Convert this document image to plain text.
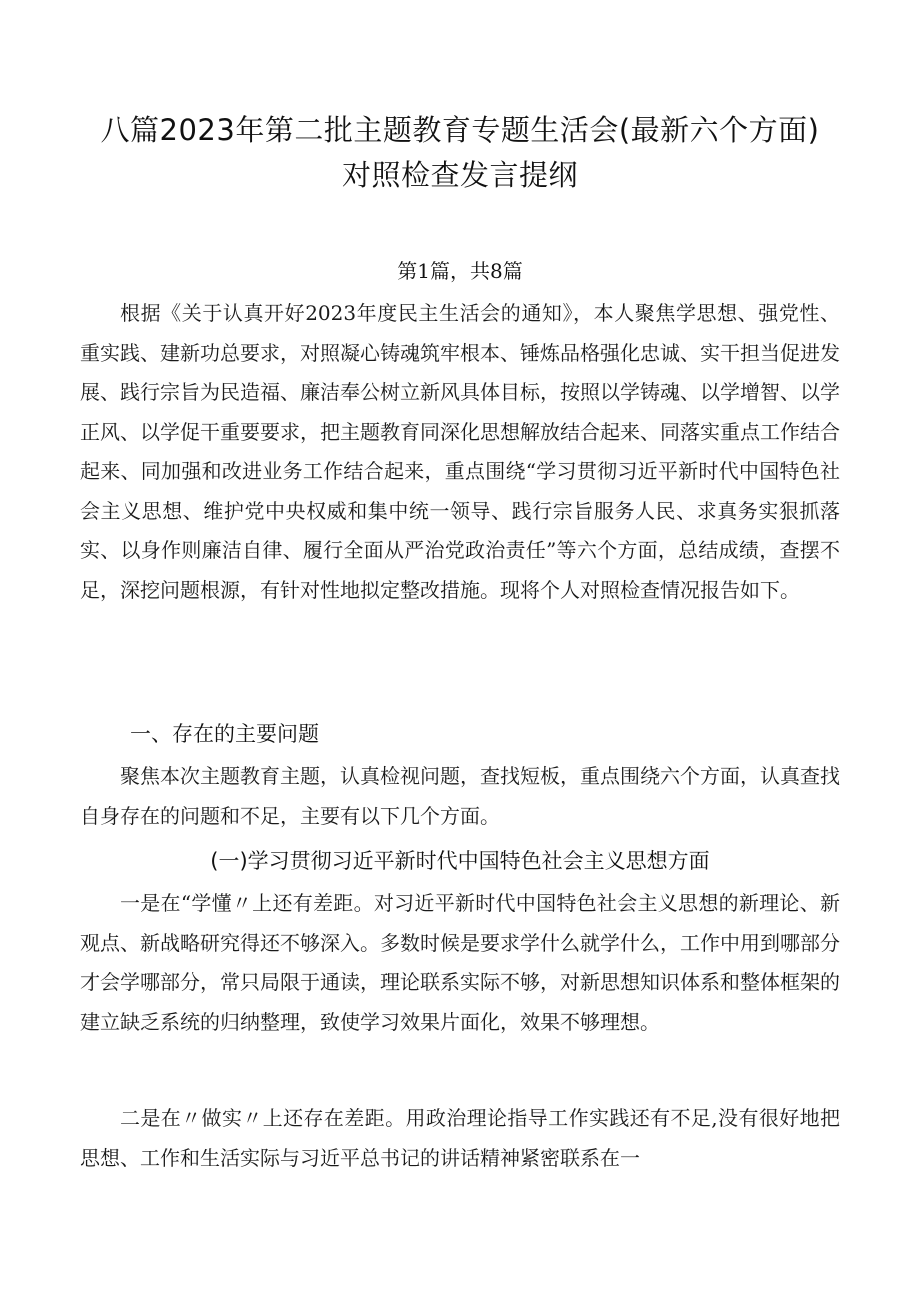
八篇2023年第二批主题教育专题生活会(最新六个方面)对照检查发言提纲
第1篇，共8篇

根据《关于认真开好2023年度民主生活会的通知》，本人聚焦学思想、强党性、重实践、建新功总要求，对照凝心铸魂筑牢根本、锤炼品格强化忠诚、实干担当促进发展、践行宗旨为民造福、廉洁奉公树立新风具体目标，按照以学铸魂、以学增智、以学正风、以学促干重要要求，把主题教育同深化思想解放结合起来、同落实重点工作结合起来、同加强和改进业务工作结合起来，重点围绕“学习贯彻习近平新时代中国特色社会主义思想、维护党中央权威和集中统一领导、践行宗旨服务人民、求真务实狠抓落实、以身作则廉洁自律、履行全面从严治党政治责任”等六个方面，总结成绩，查摆不足，深挖问题根源，有针对性地拟定整改措施。现将个人对照检查情况报告如下。

一、存在的主要问题

聚焦本次主题教育主题，认真检视问题，查找短板，重点围绕六个方面，认真查找自身存在的问题和不足，主要有以下几个方面。

(一)学习贯彻习近平新时代中国特色社会主义思想方面

一是在“学懂〃上还有差距。对习近平新时代中国特色社会主义思想的新理论、新观点、新战略研究得还不够深入。多数时候是要求学什么就学什么，工作中用到哪部分才会学哪部分，常只局限于通读，理论联系实际不够，对新思想知识体系和整体框架的建立缺乏系统的归纳整理，致使学习效果片面化，效果不够理想。

二是在〃做实〃上还存在差距。用政治理论指导工作实践还有不足,没有很好地把思想、工作和生活实际与习近平总书记的讲话精神紧密联系在一
